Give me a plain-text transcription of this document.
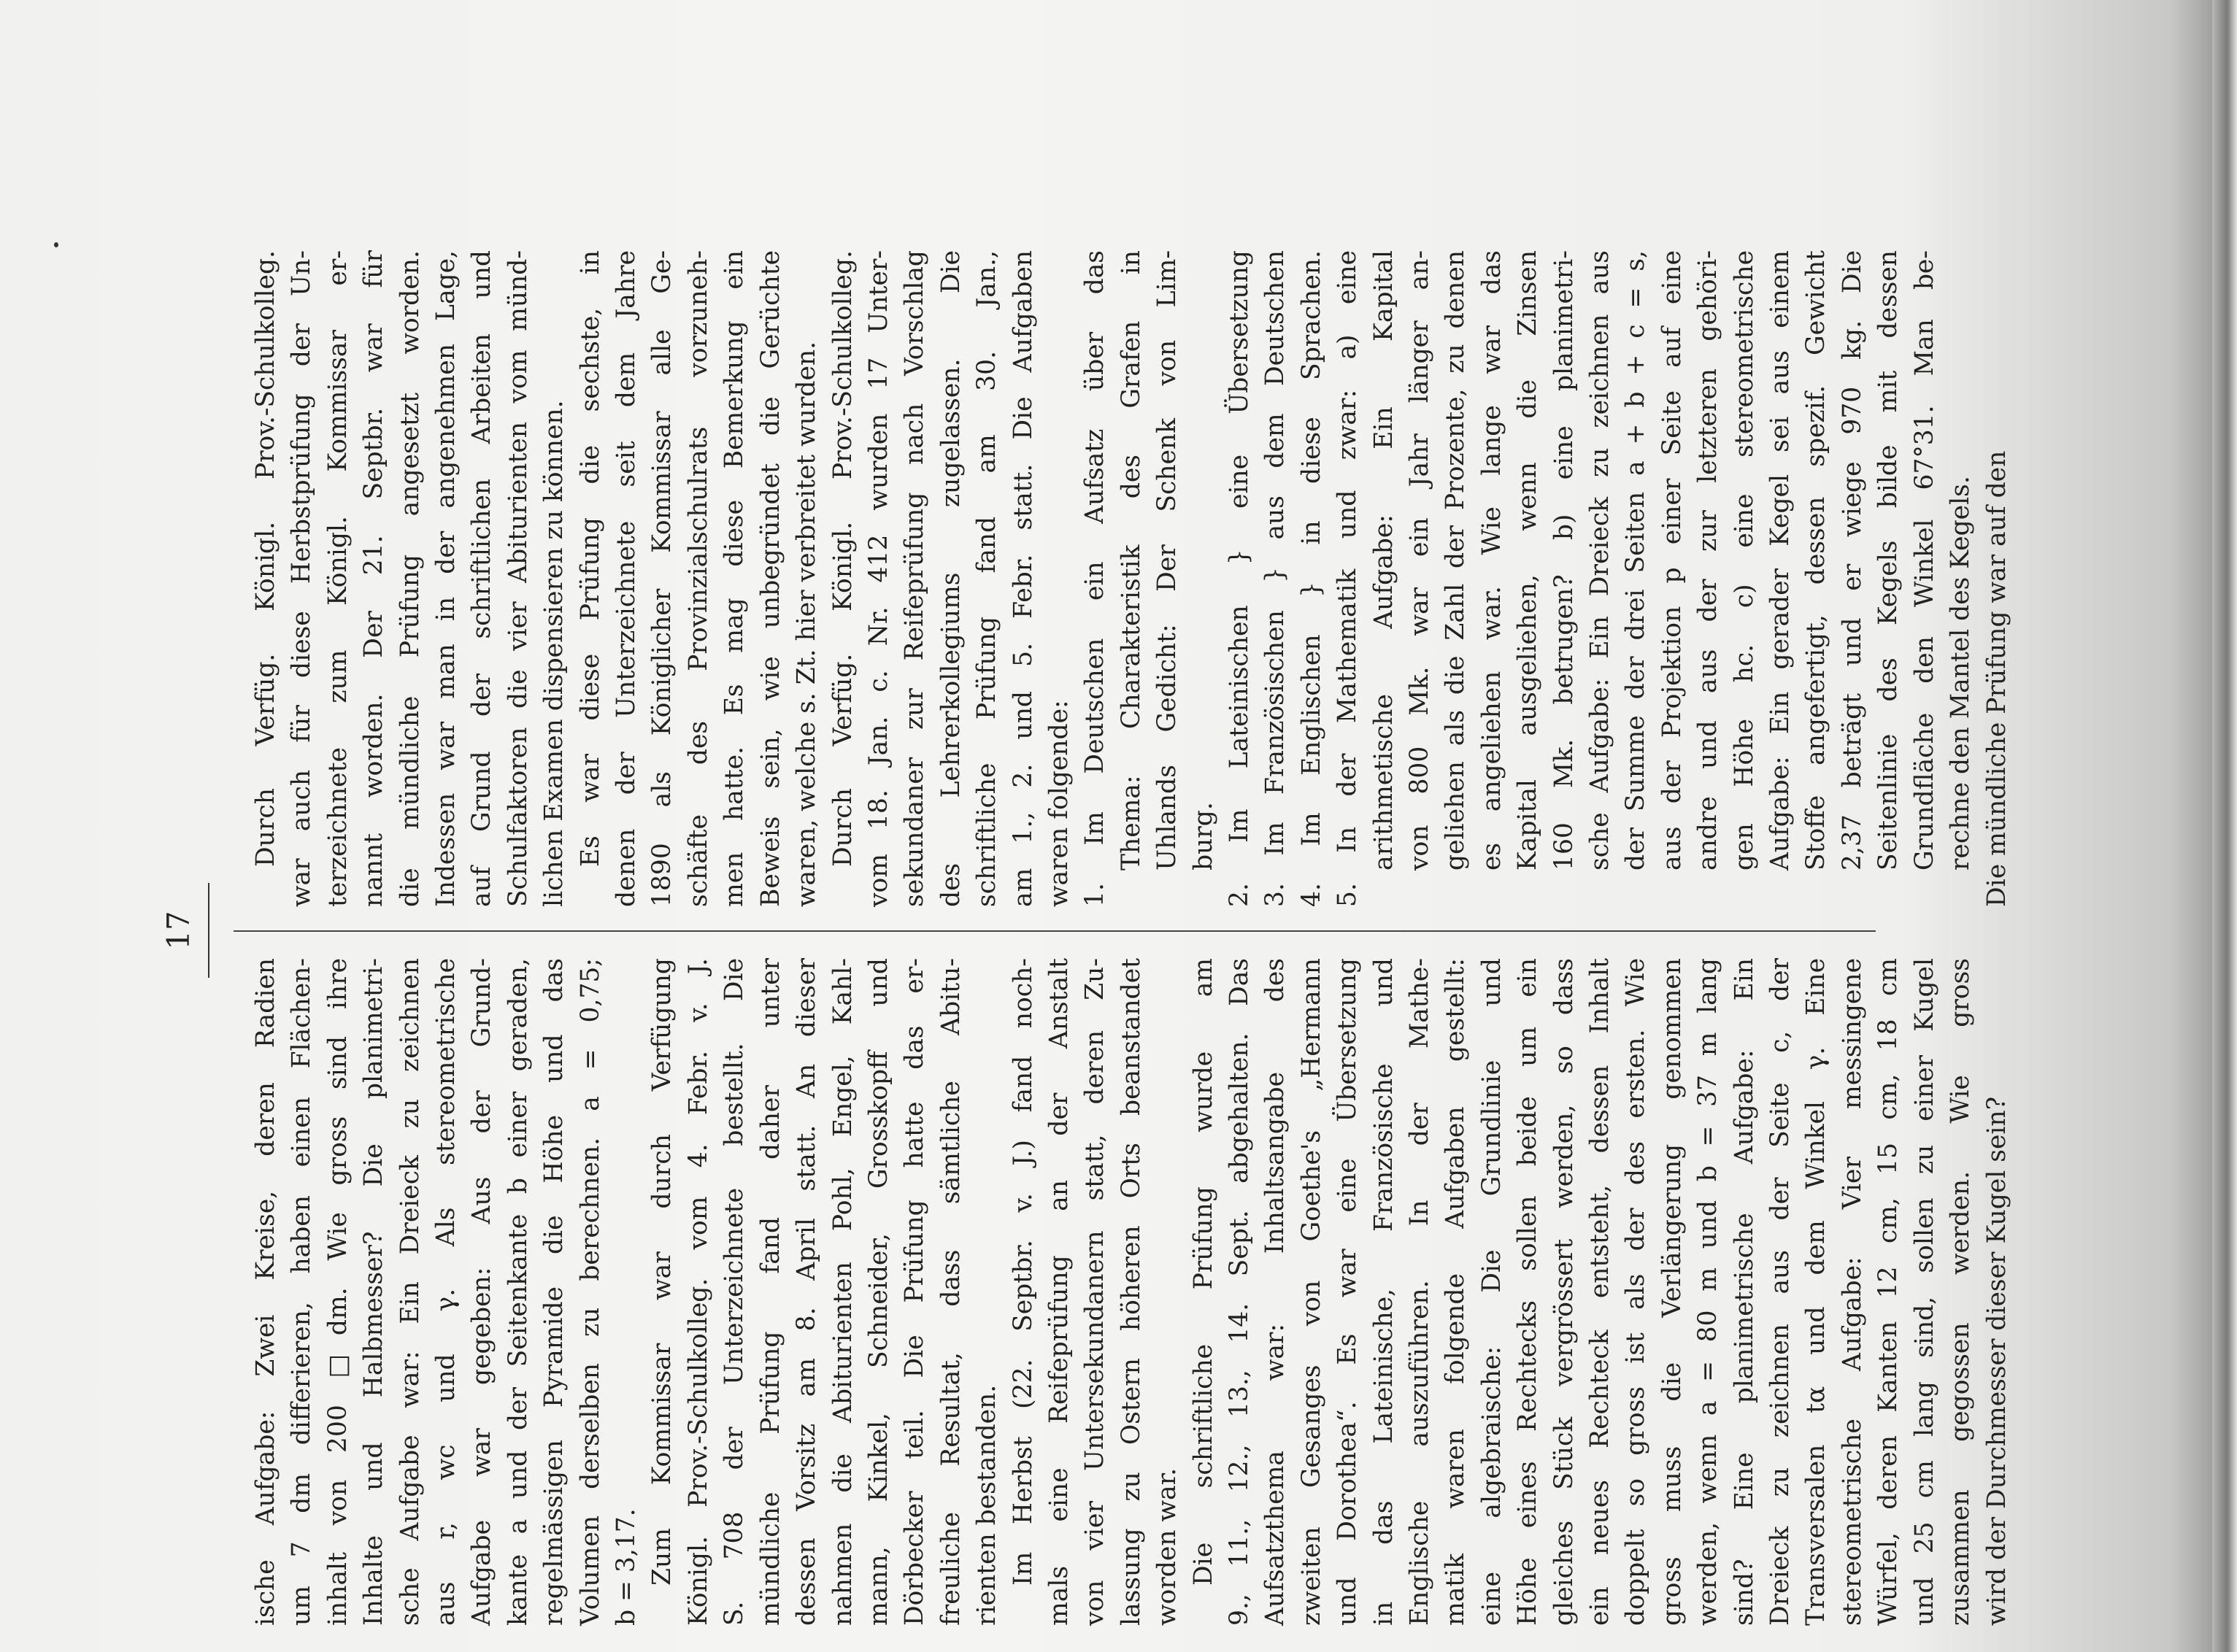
17

ische Aufgabe: Zwei Kreise, deren Radien um 7 dm differieren, haben einen Flächen- inhalt von 200 □dm. Wie gross sind ihre Inhalte und Halbmesser? Die planimetri- sche Aufgabe war: Ein Dreieck zu zeichnen aus r, wc und γ. Als stereometrische Aufgabe war gegeben: Aus der Grund- kante a und der Seitenkante b einer geraden, regelmässigen Pyramide die Höhe und das Volumen derselben zu berechnen. a = 0,75; b = 3,17. Zum Kommissar war durch Verfügung Königl. Prov.-Schulkolleg. vom 4. Febr. v. J. S. 708 der Unterzeichnete bestellt. Die mündliche Prüfung fand daher unter dessen Vorsitz am 8. April statt. An dieser nahmen die Abiturienten Pohl, Engel, Kahl- mann, Kinkel, Schneider, Grosskopff und Dörbecker teil. Die Prüfung hatte das er- freuliche Resultat, dass sämtliche Abitu- rienten bestanden. Im Herbst (22. Septbr. v. J.) fand noch- mals eine Reifeprüfung an der Anstalt von vier Untersekundanern statt, deren Zu- lassung zu Ostern höheren Orts beanstandet worden war. Die schriftliche Prüfung wurde am 9., 11., 12., 13., 14. Sept. abgehalten. Das Aufsatzthema war: Inhaltsangabe des zweiten Gesanges von Goethe's „Hermann und Dorothea“. Es war eine Übersetzung in das Lateinische, Französische und Englische auszuführen. In der Mathe- matik waren folgende Aufgaben gestellt: eine algebraische: Die Grundlinie und Höhe eines Rechtecks sollen beide um ein gleiches Stück vergrössert werden, so dass ein neues Rechteck entsteht, dessen Inhalt doppelt so gross ist als der des ersten. Wie gross muss die Verlängerung genommen werden, wenn a = 80 m und b = 37 m lang sind? Eine planimetrische Aufgabe: Ein Dreieck zu zeichnen aus der Seite c, der Transversalen tα und dem Winkel γ. Eine stereometrische Aufgabe: Vier messingene Würfel, deren Kanten 12 cm, 15 cm, 18 cm und 25 cm lang sind, sollen zu einer Kugel zusammen gegossen werden. Wie gross wird der Durchmesser dieser Kugel sein?

Durch Verfüg. Königl. Prov.-Schulkolleg. war auch für diese Herbstprüfung der Un- terzeichnete zum Königl. Kommissar er- nannt worden. Der 21. Septbr. war für die mündliche Prüfung angesetzt worden. Indessen war man in der angenehmen Lage, auf Grund der schriftlichen Arbeiten und Schulfaktoren die vier Abiturienten vom münd- lichen Examen dispensieren zu können. Es war diese Prüfung die sechste, in denen der Unterzeichnete seit dem Jahre 1890 als Königlicher Kommissar alle Ge- schäfte des Provinzialschulrats vorzuneh- men hatte. Es mag diese Bemerkung ein Beweis sein, wie unbegründet die Gerüchte waren, welche s. Zt. hier verbreitet wurden. Durch Verfüg. Königl. Prov.-Schulkolleg. vom 18. Jan. c. Nr. 412 wurden 17 Unter- sekundaner zur Reifeprüfung nach Vorschlag des Lehrerkollegiums zugelassen. Die schriftliche Prüfung fand am 30. Jan., am 1., 2. und 5. Febr. statt. Die Aufgaben waren folgende: 1. Im Deutschen ein Aufsatz über das Thema: Charakteristik des Grafen in Uhlands Gedicht: Der Schenk von Lim- burg. 2. Im Lateinischen } eine Übersetzung 3. Im Französischen } aus dem Deutschen 4. Im Englischen } in diese Sprachen. 5. In der Mathematik und zwar: a) eine arithmetische Aufgabe: Ein Kapital von 800 Mk. war ein Jahr länger an- geliehen als die Zahl der Prozente, zu denen es angeliehen war. Wie lange war das Kapital ausgeliehen, wenn die Zinsen 160 Mk. betrugen? b) eine planimetri- sche Aufgabe: Ein Dreieck zu zeichnen aus der Summe der drei Seiten a + b + c = s, aus der Projektion p einer Seite auf eine andre und aus der zur letzteren gehöri- gen Höhe hc. c) eine stereometrische Aufgabe: Ein gerader Kegel sei aus einem Stoffe angefertigt, dessen spezif. Gewicht 2,37 beträgt und er wiege 970 kg. Die Seitenlinie des Kegels bilde mit dessen Grundfläche den Winkel 67°31. Man be- rechne den Mantel des Kegels. Die mündliche Prüfung war auf den
